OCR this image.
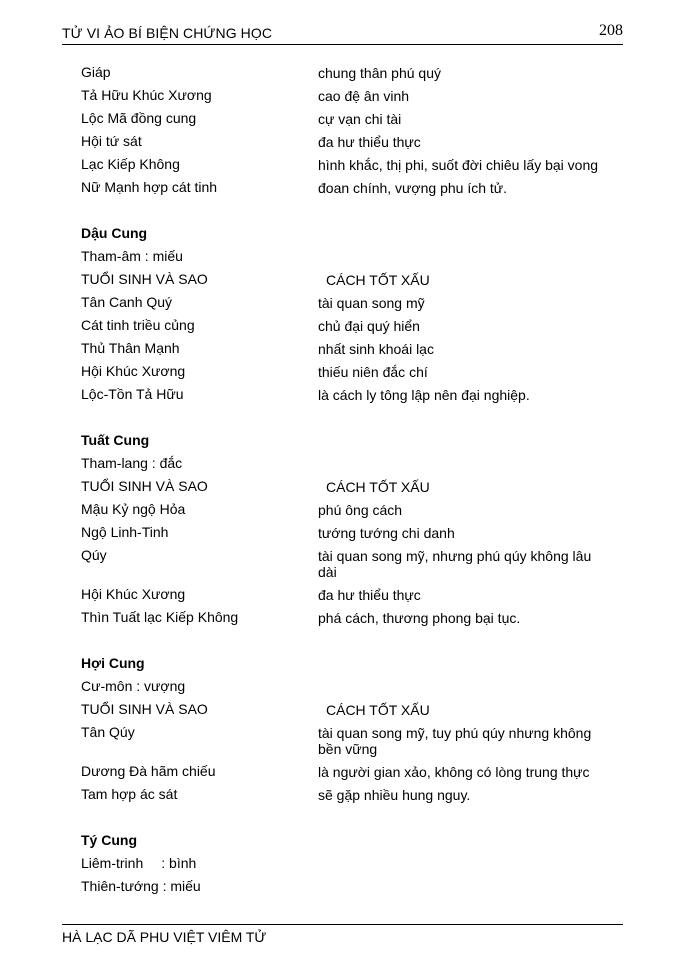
TỬ VI ẢO BÍ BIỆN CHỨNG HỌC	208
Giáp	chung thân phú quý
Tả Hữu Khúc Xương	cao đệ ân vinh
Lộc Mã đồng cung	cự vạn chi tài
Hội tứ sát	đa hư thiểu thực
Lạc Kiếp Không	hình khắc, thị phi, suốt đời chiêu lấy bại vong
Nữ Mạnh hợp cát tinh	đoan chính, vượng phu ích tử.
Dậu Cung
Tham-âm : miếu
TUỔI SINH VÀ SAO	CÁCH TỐT XẤU
Tân Canh Quý	tài quan song mỹ
Cát tinh triều củng	chủ đại quý hiển
Thủ Thân Mạnh	nhất sinh khoái lạc
Hội Khúc Xương	thiếu niên đắc chí
Lộc-Tồn Tả Hữu	là cách ly tông lập nên đại nghiệp.
Tuất Cung
Tham-lang : đắc
TUỔI SINH VÀ SAO	CÁCH TỐT XẤU
Mậu Kỷ ngộ Hỏa	phú ông cách
Ngộ Linh-Tinh	tướng tướng chi danh
Qúy	tài quan song mỹ, nhưng phú qúy không lâu dài
Hội Khúc Xương	đa hư thiểu thực
Thìn Tuất lạc Kiếp Không	phá cách, thương phong bại tục.
Hợi Cung
Cư-môn : vượng
TUỔI SINH VÀ SAO	CÁCH TỐT XẤU
Tân Qúy	tài quan song mỹ, tuy phú qúy nhưng không bền vững
Dương Đà hãm chiếu	là người gian xảo, không có lòng trung thực
Tam hợp ác sát	sẽ gặp nhiều hung nguy.
Tý Cung
Liêm-trinh : bình
Thiên-tướng : miếu
HÀ LẠC DÃ PHU VIỆT VIÊM TỬ
